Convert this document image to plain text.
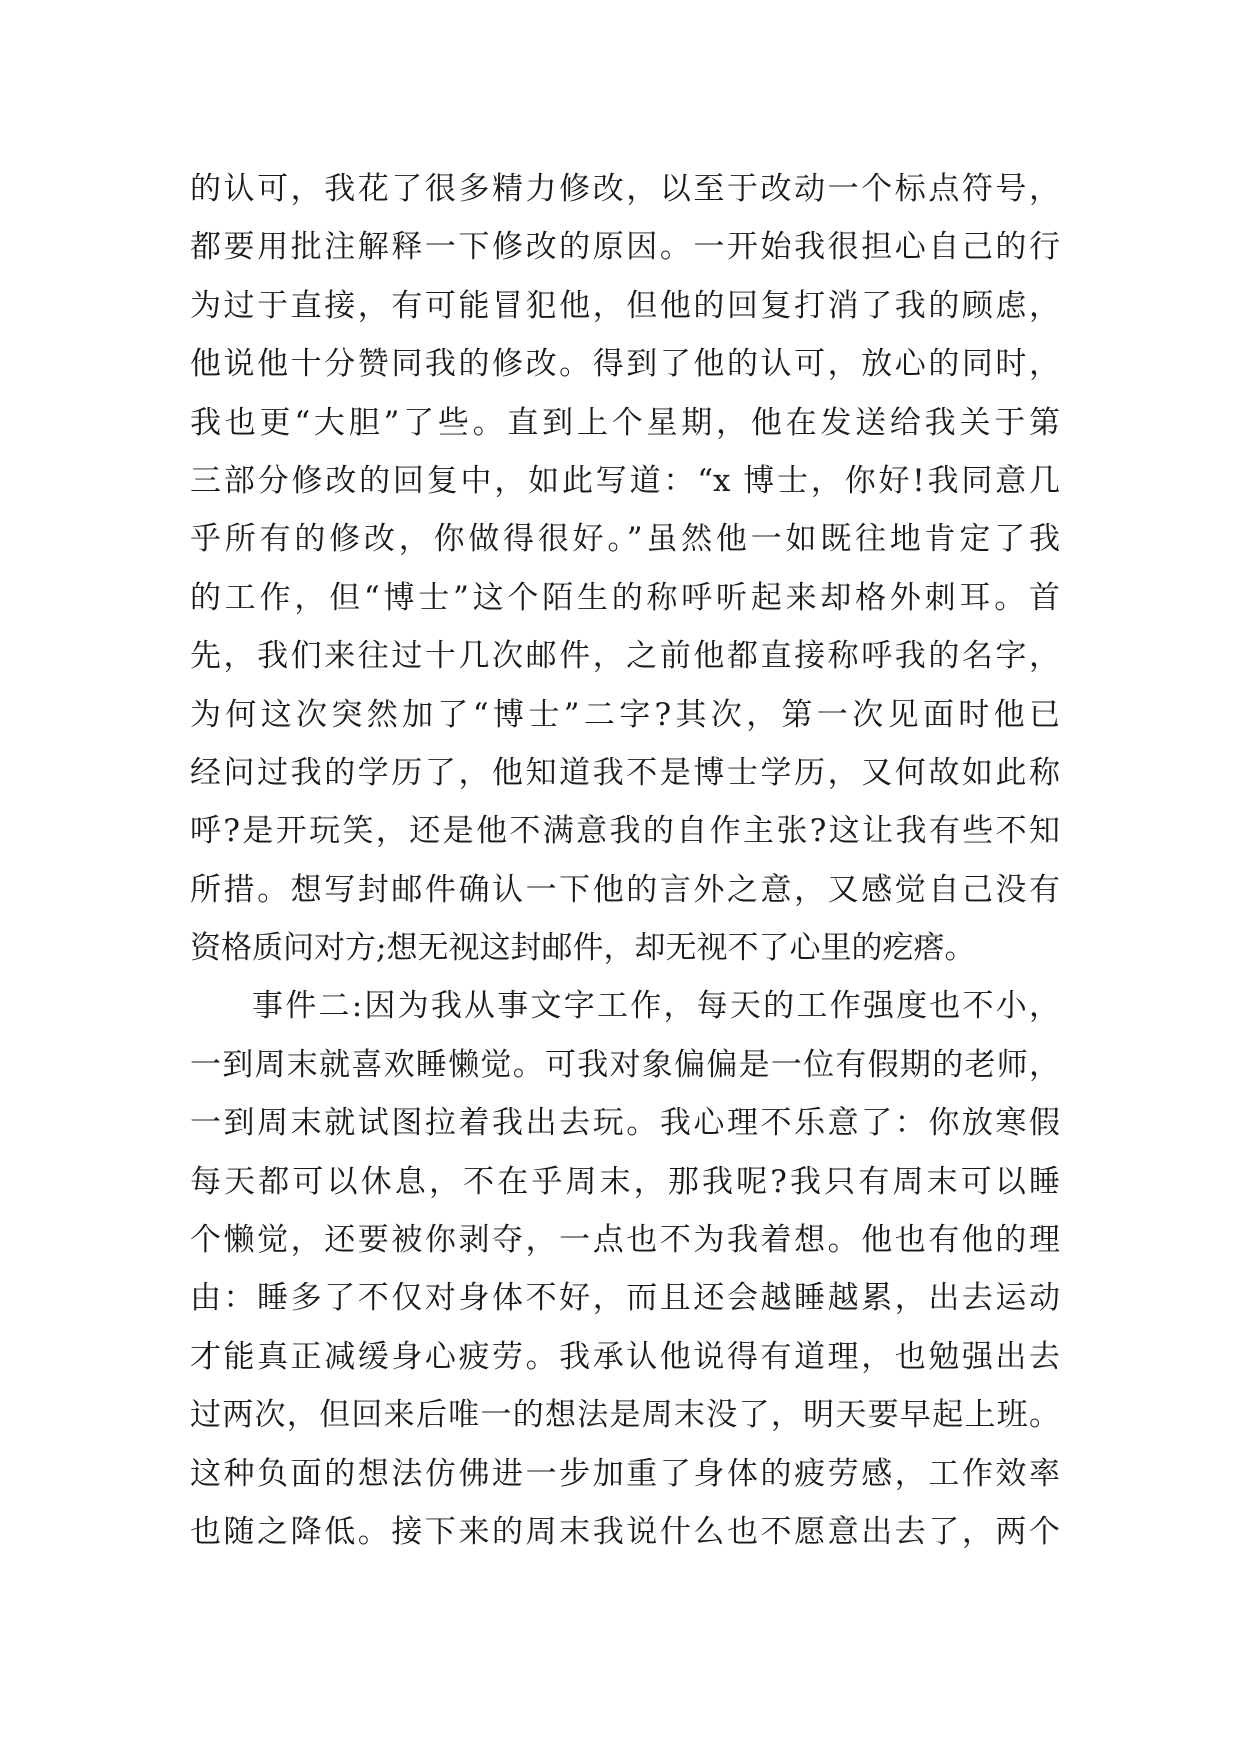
的认可，我花了很多精力修改，以至于改动一个标点符号，
都要用批注解释一下修改的原因。一开始我很担心自己的行
为过于直接，有可能冒犯他，但他的回复打消了我的顾虑，
他说他十分赞同我的修改。得到了他的认可，放心的同时，
我也更“大胆”了些。直到上个星期，他在发送给我关于第
三部分修改的回复中，如此写道：“x 博士，你好!我同意几
乎所有的修改，你做得很好。”虽然他一如既往地肯定了我
的工作，但“博士”这个陌生的称呼听起来却格外刺耳。首
先，我们来往过十几次邮件，之前他都直接称呼我的名字，
为何这次突然加了“博士”二字?其次，第一次见面时他已
经问过我的学历了，他知道我不是博士学历，又何故如此称
呼?是开玩笑，还是他不满意我的自作主张?这让我有些不知
所措。想写封邮件确认一下他的言外之意，又感觉自己没有
资格质问对方;想无视这封邮件，却无视不了心里的疙瘩。
事件二:因为我从事文字工作，每天的工作强度也不小，
一到周末就喜欢睡懒觉。可我对象偏偏是一位有假期的老师，
一到周末就试图拉着我出去玩。我心理不乐意了：你放寒假
每天都可以休息，不在乎周末，那我呢?我只有周末可以睡
个懒觉，还要被你剥夺，一点也不为我着想。他也有他的理
由：睡多了不仅对身体不好，而且还会越睡越累，出去运动
才能真正减缓身心疲劳。我承认他说得有道理，也勉强出去
过两次，但回来后唯一的想法是周末没了，明天要早起上班。
这种负面的想法仿佛进一步加重了身体的疲劳感，工作效率
也随之降低。接下来的周末我说什么也不愿意出去了，两个
